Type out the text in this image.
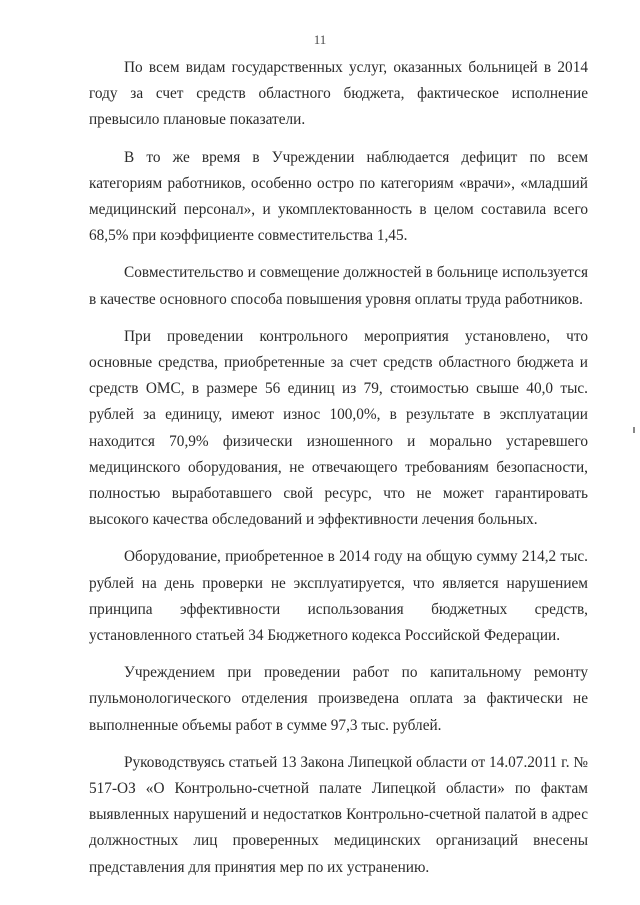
11

По всем видам государственных услуг, оказанных больницей в 2014 году за счет средств областного бюджета, фактическое исполнение превысило плановые показатели.

В то же время в Учреждении наблюдается дефицит по всем категориям работников, особенно остро по категориям «врачи», «младший медицинский персонал», и укомплектованность в целом составила всего 68,5% при коэффициенте совместительства 1,45.

Совместительство и совмещение должностей в больнице используется в качестве основного способа повышения уровня оплаты труда работников.

При проведении контрольного мероприятия установлено, что основные средства, приобретенные за счет средств областного бюджета и средств ОМС, в размере 56 единиц из 79, стоимостью свыше 40,0 тыс. рублей за единицу, имеют износ 100,0%, в результате в эксплуатации находится 70,9% физически изношенного и морально устаревшего медицинского оборудования, не отвечающего требованиям безопасности, полностью выработавшего свой ресурс, что не может гарантировать высокого качества обследований и эффективности лечения больных.

Оборудование, приобретенное в 2014 году на общую сумму 214,2 тыс. рублей на день проверки не эксплуатируется, что является нарушением принципа эффективности использования бюджетных средств, установленного статьей 34 Бюджетного кодекса Российской Федерации.

Учреждением при проведении работ по капитальному ремонту пульмонологического отделения произведена оплата за фактически не выполненные объемы работ в сумме 97,3 тыс. рублей.

Руководствуясь статьей 13 Закона Липецкой области от 14.07.2011 г. № 517-ОЗ «О Контрольно-счетной палате Липецкой области» по фактам выявленных нарушений и недостатков Контрольно-счетной палатой в адрес должностных лиц проверенных медицинских организаций внесены представления для принятия мер по их устранению.
